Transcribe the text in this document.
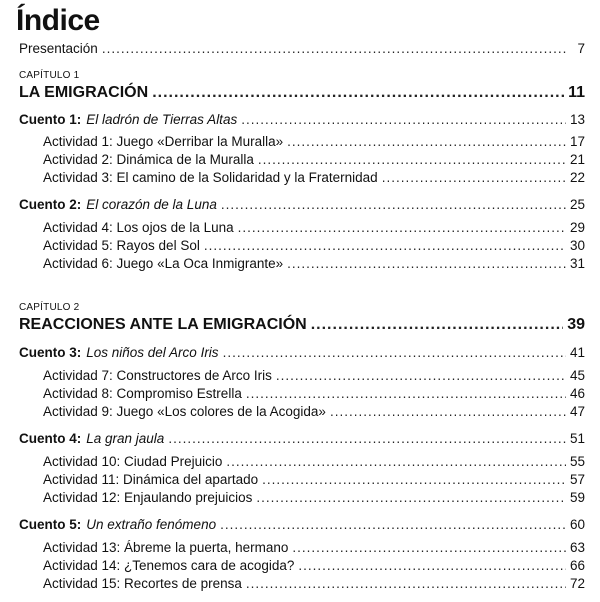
Índice
Presentación .....	7
CAPÍTULO 1
LA EMIGRACIÓN .....	11
Cuento 1: El ladrón de Tierras Altas .....	13
Actividad 1: Juego «Derribar la Muralla» .....	17
Actividad 2: Dinámica de la Muralla .....	21
Actividad 3: El camino de la Solidaridad y la Fraternidad .....	22
Cuento 2: El corazón de la Luna .....	25
Actividad 4: Los ojos de la Luna .....	29
Actividad 5: Rayos del Sol .....	30
Actividad 6: Juego «La Oca Inmigrante» .....	31
CAPÍTULO 2
REACCIONES ANTE LA EMIGRACIÓN .....	39
Cuento 3: Los niños del Arco Iris .....	41
Actividad 7: Constructores de Arco Iris .....	45
Actividad 8: Compromiso Estrella .....	46
Actividad 9: Juego «Los colores de la Acogida» .....	47
Cuento 4: La gran jaula .....	51
Actividad 10: Ciudad Prejuicio .....	55
Actividad 11: Dinámica del apartado .....	57
Actividad 12: Enjaulando prejuicios .....	59
Cuento 5: Un extraño fenómeno .....	60
Actividad 13: Ábreme la puerta, hermano .....	63
Actividad 14: ¿Tenemos cara de acogida? .....	66
Actividad 15: Recortes de prensa .....	72
